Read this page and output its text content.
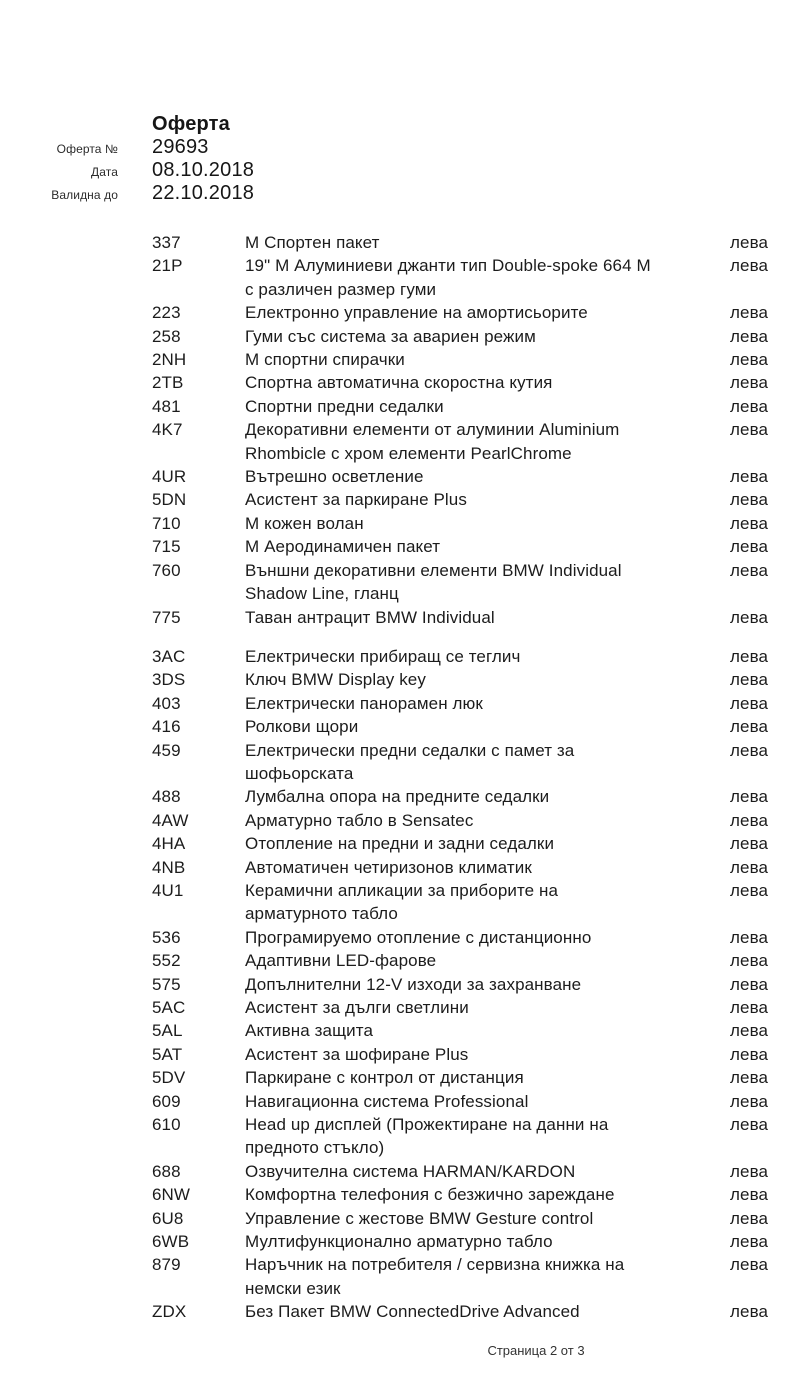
Оферта
Оферта № 29693
Дата 08.10.2018
Валидна до 22.10.2018
337	М Спортен пакет	лева
21P	19" М Алуминиеви джанти тип Double-spoke 664 M
с различен размер гуми
лева
223	Електронно управление на амортисьорите	лева
258	Гуми със система за авариен режим	лева
2NH	М спортни спирачки	лева
2TB	Спортна автоматична скоростна кутия	лева
481	Спортни предни седалки	лева
4K7	Декоративни елементи от алуминии Aluminium
Rhombicle с хром елементи PearlChrome
лева
4UR	Вътрешно осветление	лева
5DN	Асистент за паркиране Plus	лева
710	М кожен волан	лева
715	М Аеродинамичен пакет	лева
760	Външни декоративни елементи BMW Individual
Shadow Line, гланц
лева
775	Таван антрацит BMW Individual	лева
3AC	Електрически прибиращ се теглич	лева
3DS	Ключ BMW Display key	лева
403	Електрически панорамен люк	лева
416	Ролкови щори	лева
459	Електрически предни седалки с памет за
шофьорската
лева
488	Лумбална опора на предните седалки	лева
4AW	Арматурно табло в Sensatec	лева
4HA	Отопление на предни и задни седалки	лева
4NB	Автоматичен четиризонов климатик	лева
4U1	Керамични апликации за приборите на
арматурното табло
лева
536	Програмируемо отопление с дистанционно	лева
552	Адаптивни LED-фарове	лева
575	Допълнителни 12-V изходи за захранване	лева
5AC	Асистент за дълги светлини	лева
5AL	Активна защита	лева
5AT	Асистент за шофиране Plus	лева
5DV	Паркиране с контрол от дистанция	лева
609	Навигационна система Professional	лева
610	Head up дисплей (Прожектиране на данни на
предното стъкло)
лева
688	Озвучителна система HARMAN/KARDON	лева
6NW	Комфортна телефония с безжично зареждане	лева
6U8	Управление с жестове BMW Gesture control	лева
6WB	Мултифункционално арматурно табло	лева
879	Наръчник на потребителя / сервизна книжка на
немски език
лева
ZDX	Без Пакет BMW ConnectedDrive Advanced	лева
Страница 2 от 3
